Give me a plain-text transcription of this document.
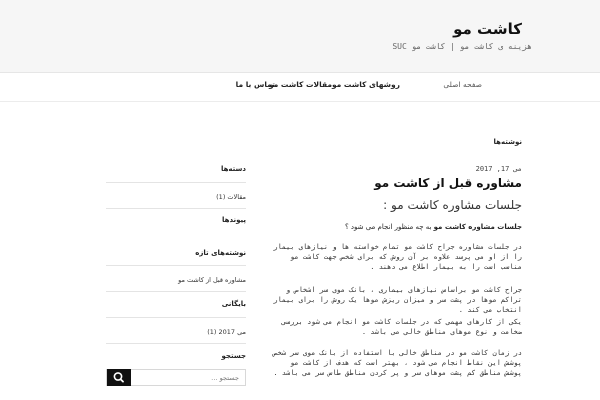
کاشت مو
هزینه ی کاشت مو | کاشت مو SUC
صفحه اصلی
روشهای کاشت مو
مقالات کاشت مو
تماس با ما
نوشته‌ها
می 17, 2017
مشاوره قبل از کاشت مو
جلسات مشاوره کاشت مو :
جلسات مشاوره کاشت مو به چه منظور انجام می شود ؟
در جلسات مشاوره جراح کاشت مو تمام خواسته ها و نیازهای بیمار را از او می پرسد علاوه بر آن روش که برای شخص جهت کاشت مو مناسب است را به بیمار اطلاع می دهند .
جراح کاشت مو براساس نیازهای بیماری ، بانک موی سر اشخاص و تراکم موها در پشت سر و میزان ریزش موها یک روش را برای بیمار انتخاب می کند .
یکی از کارهای مهمی که در جلسات کاشت مو انجام می شود بررسی ضخامت و نوع موهای مناطق خالی می باشد .
در زمان کاشت مو در مناطق خالی با استفاده از بانک موی سر شخص پوشش این نقاط انجام می شود ، بهتر است که هدف از کاشت مو پوشش مناطق کم پشت موهای سر و پر کردن مناطق طاس سر می باشد .

دسته‌ها

مقالات (1)

پیوندها

نوشته‌های تازه

مشاوره قبل از کاشت مو

بایگانی

می 2017 (1)

جستجو

جستجو …
